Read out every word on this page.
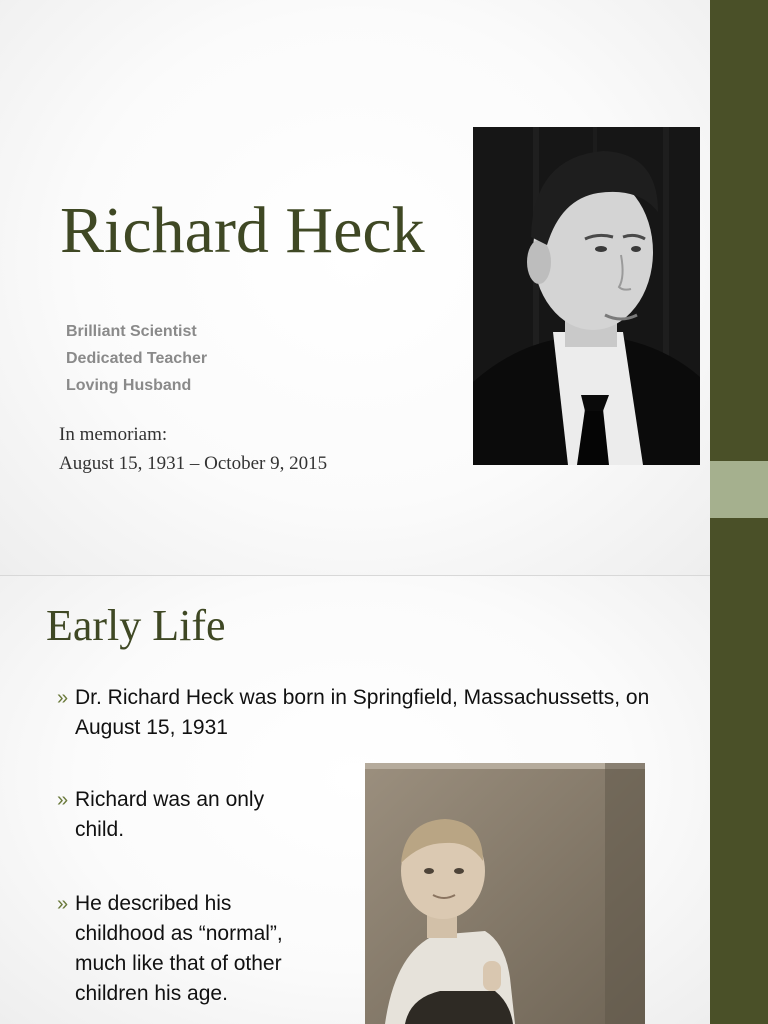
Richard Heck
Brilliant Scientist
Dedicated Teacher
Loving Husband
In memoriam:
August 15, 1931 – October 9, 2015
Early Life
» Dr. Richard Heck was born in Springfield, Massachussetts, on August 15, 1931
» Richard was an only child.
» He described his childhood as “normal”, much like that of other children his age.
